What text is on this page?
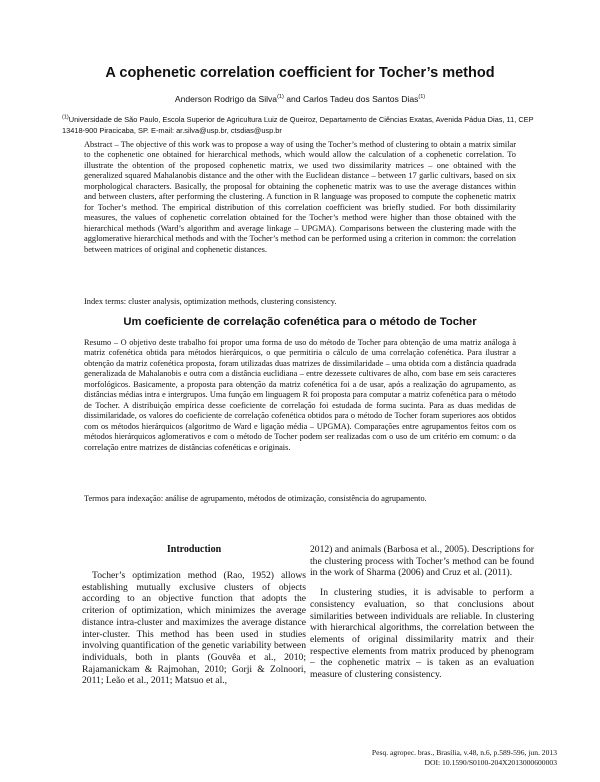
A cophenetic correlation coefficient for Tocher’s method
Anderson Rodrigo da Silva$^{(1)}$ and Carlos Tadeu dos Santos Dias$^{(1)}$
$^{(1)}$Universidade de São Paulo, Escola Superior de Agricultura Luiz de Queiroz, Departamento de Ciências Exatas, Avenida Pádua Dias, 11, CEP 13418-900 Piracicaba, SP. E-mail: ar.silva@usp.br, ctsdias@usp.br
Abstract – The objective of this work was to propose a way of using the Tocher’s method of clustering to obtain a matrix similar to the cophenetic one obtained for hierarchical methods, which would allow the calculation of a cophenetic correlation. To illustrate the obtention of the proposed cophenetic matrix, we used two dissimilarity matrices – one obtained with the generalized squared Mahalanobis distance and the other with the Euclidean distance – between 17 garlic cultivars, based on six morphological characters. Basically, the proposal for obtaining the cophenetic matrix was to use the average distances within and between clusters, after performing the clustering. A function in R language was proposed to compute the cophenetic matrix for Tocher’s method. The empirical distribution of this correlation coefficient was briefly studied. For both dissimilarity measures, the values of cophenetic correlation obtained for the Tocher’s method were higher than those obtained with the hierarchical methods (Ward’s algorithm and average linkage – UPGMA). Comparisons between the clustering made with the agglomerative hierarchical methods and with the Tocher’s method can be performed using a criterion in common: the correlation between matrices of original and cophenetic distances.
Index terms: cluster analysis, optimization methods, clustering consistency.
Um coeficiente de correlação cofenética para o método de Tocher
Resumo – O objetivo deste trabalho foi propor uma forma de uso do método de Tocher para obtenção de uma matriz análoga à matriz cofenética obtida para métodos hierárquicos, o que permitiria o cálculo de uma correlação cofenética. Para ilustrar a obtenção da matriz cofenética proposta, foram utilizadas duas matrizes de dissimilaridade – uma obtida com a distância quadrada generalizada de Mahalanobis e outra com a distância euclidiana – entre dezessete cultivares de alho, com base em seis caracteres morfológicos. Basicamente, a proposta para obtenção da matriz cofenética foi a de usar, após a realização do agrupamento, as distâncias médias intra e intergrupos. Uma função em linguagem R foi proposta para computar a matriz cofenética para o método de Tocher. A distribuição empírica desse coeficiente de correlação foi estudada de forma sucinta. Para as duas medidas de dissimilaridade, os valores do coeficiente de correlação cofenética obtidos para o método de Tocher foram superiores aos obtidos com os métodos hierárquicos (algoritmo de Ward e ligação média – UPGMA). Comparações entre agrupamentos feitos com os métodos hierárquicos aglomerativos e com o método de Tocher podem ser realizadas com o uso de um critério em comum: o da correlação entre matrizes de distâncias cofenéticas e originais.
Termos para indexação: análise de agrupamento, métodos de otimização, consistência do agrupamento.
Introduction

Tocher’s optimization method (Rao, 1952) allows establishing mutually exclusive clusters of objects according to an objective function that adopts the criterion of optimization, which minimizes the average distance intra-cluster and maximizes the average distance inter-cluster. This method has been used in studies involving quantification of the genetic variability between individuals, both in plants (Gouvêa et al., 2010; Rajamanickam & Rajmohan, 2010; Gorji & Zolnoori, 2011; Leão et al., 2011; Matsuo et al.,

2012) and animals (Barbosa et al., 2005). Descriptions for the clustering process with Tocher’s method can be found in the work of Sharma (2006) and Cruz et al. (2011).

In clustering studies, it is advisable to perform a consistency evaluation, so that conclusions about similarities between individuals are reliable. In clustering with hierarchical algorithms, the correlation between the elements of original dissimilarity matrix and their respective elements from matrix produced by phenogram – the cophenetic matrix – is taken as an evaluation measure of clustering consistency.

Pesq. agropec. bras., Brasília, v.48, n.6, p.589-596, jun. 2013
DOI: 10.1590/S0100-204X2013000600003
